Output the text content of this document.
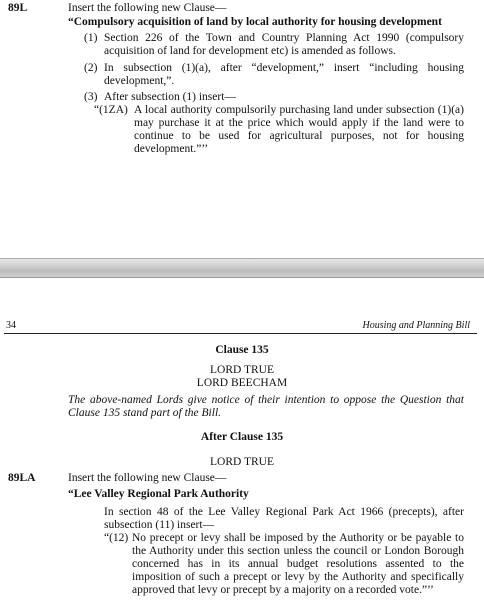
89L	Insert the following new Clause—
“Compulsory acquisition of land by local authority for housing development
(1) Section 226 of the Town and Country Planning Act 1990 (compulsory acquisition of land for development etc) is amended as follows.
(2) In subsection (1)(a), after “development,” insert “including housing development,”.
(3) After subsection (1) insert—
“(1ZA) A local authority compulsorily purchasing land under subsection (1)(a) may purchase it at the price which would apply if the land were to continue to be used for agricultural purposes, not for housing development.”’’
34	Housing and Planning Bill
Clause 135
LORD TRUE
LORD BEECHAM
The above-named Lords give notice of their intention to oppose the Question that Clause 135 stand part of the Bill.
After Clause 135
LORD TRUE
89LA	Insert the following new Clause—
“Lee Valley Regional Park Authority
In section 48 of the Lee Valley Regional Park Act 1966 (precepts), after subsection (11) insert—
“(12) No precept or levy shall be imposed by the Authority or be payable to the Authority under this section unless the council or London Borough concerned has in its annual budget resolutions assented to the imposition of such a precept or levy by the Authority and specifically approved that levy or precept by a majority on a recorded vote.”’’
